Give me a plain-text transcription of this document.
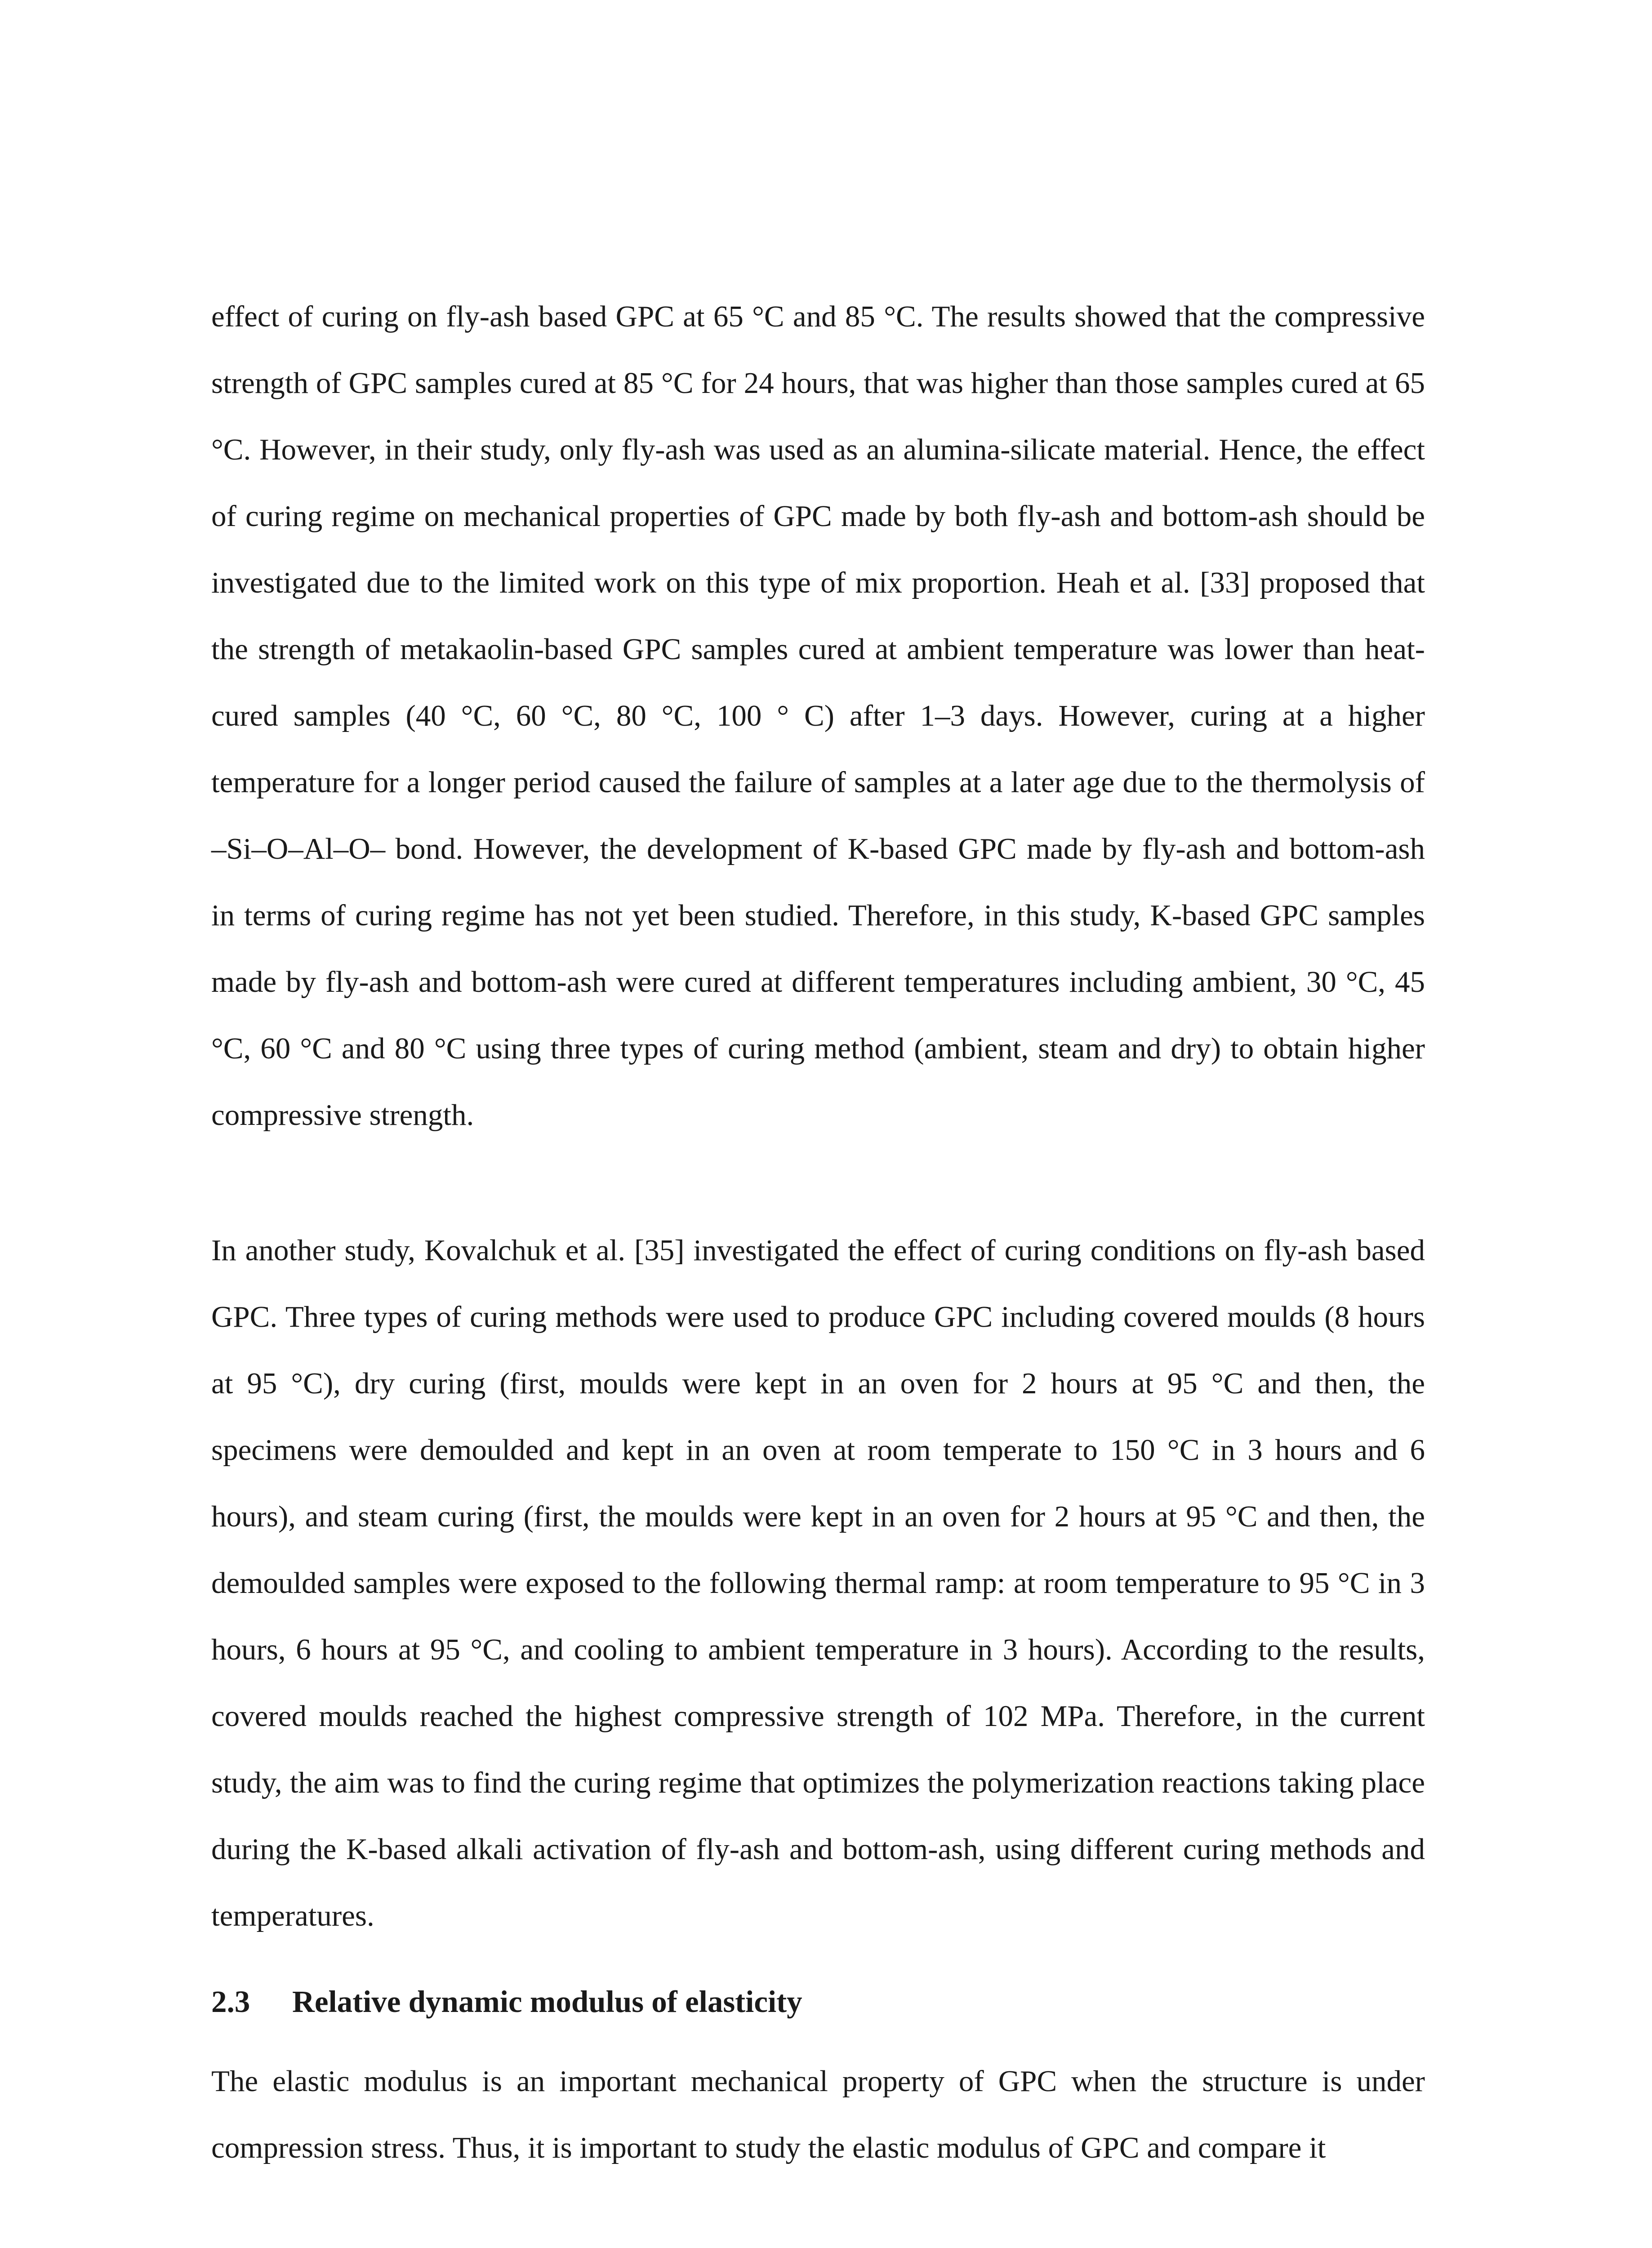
effect of curing on fly-ash based GPC at 65 °C and 85 °C. The results showed that the compressive strength of GPC samples cured at 85 °C for 24 hours, that was higher than those samples cured at 65 °C. However, in their study, only fly-ash was used as an alumina-silicate material. Hence, the effect of curing regime on mechanical properties of GPC made by both fly-ash and bottom-ash should be investigated due to the limited work on this type of mix proportion. Heah et al. [33] proposed that the strength of metakaolin-based GPC samples cured at ambient temperature was lower than heat-cured samples (40 °C, 60 °C, 80 °C, 100 ° C) after 1–3 days. However, curing at a higher temperature for a longer period caused the failure of samples at a later age due to the thermolysis of –Si–O–Al–O– bond. However, the development of K-based GPC made by fly-ash and bottom-ash in terms of curing regime has not yet been studied. Therefore, in this study, K-based GPC samples made by fly-ash and bottom-ash were cured at different temperatures including ambient, 30 °C, 45 °C, 60 °C and 80 °C using three types of curing method (ambient, steam and dry) to obtain higher compressive strength.

In another study, Kovalchuk et al. [35] investigated the effect of curing conditions on fly-ash based GPC. Three types of curing methods were used to produce GPC including covered moulds (8 hours at 95 °C), dry curing (first, moulds were kept in an oven for 2 hours at 95 °C and then, the specimens were demoulded and kept in an oven at room temperate to 150 °C in 3 hours and 6 hours), and steam curing (first, the moulds were kept in an oven for 2 hours at 95 °C and then, the demoulded samples were exposed to the following thermal ramp: at room temperature to 95 °C in 3 hours, 6 hours at 95 °C, and cooling to ambient temperature in 3 hours). According to the results, covered moulds reached the highest compressive strength of 102 MPa. Therefore, in the current study, the aim was to find the curing regime that optimizes the polymerization reactions taking place during the K-based alkali activation of fly-ash and bottom-ash, using different curing methods and temperatures.

2.3 Relative dynamic modulus of elasticity

The elastic modulus is an important mechanical property of GPC when the structure is under compression stress. Thus, it is important to study the elastic modulus of GPC and compare it
